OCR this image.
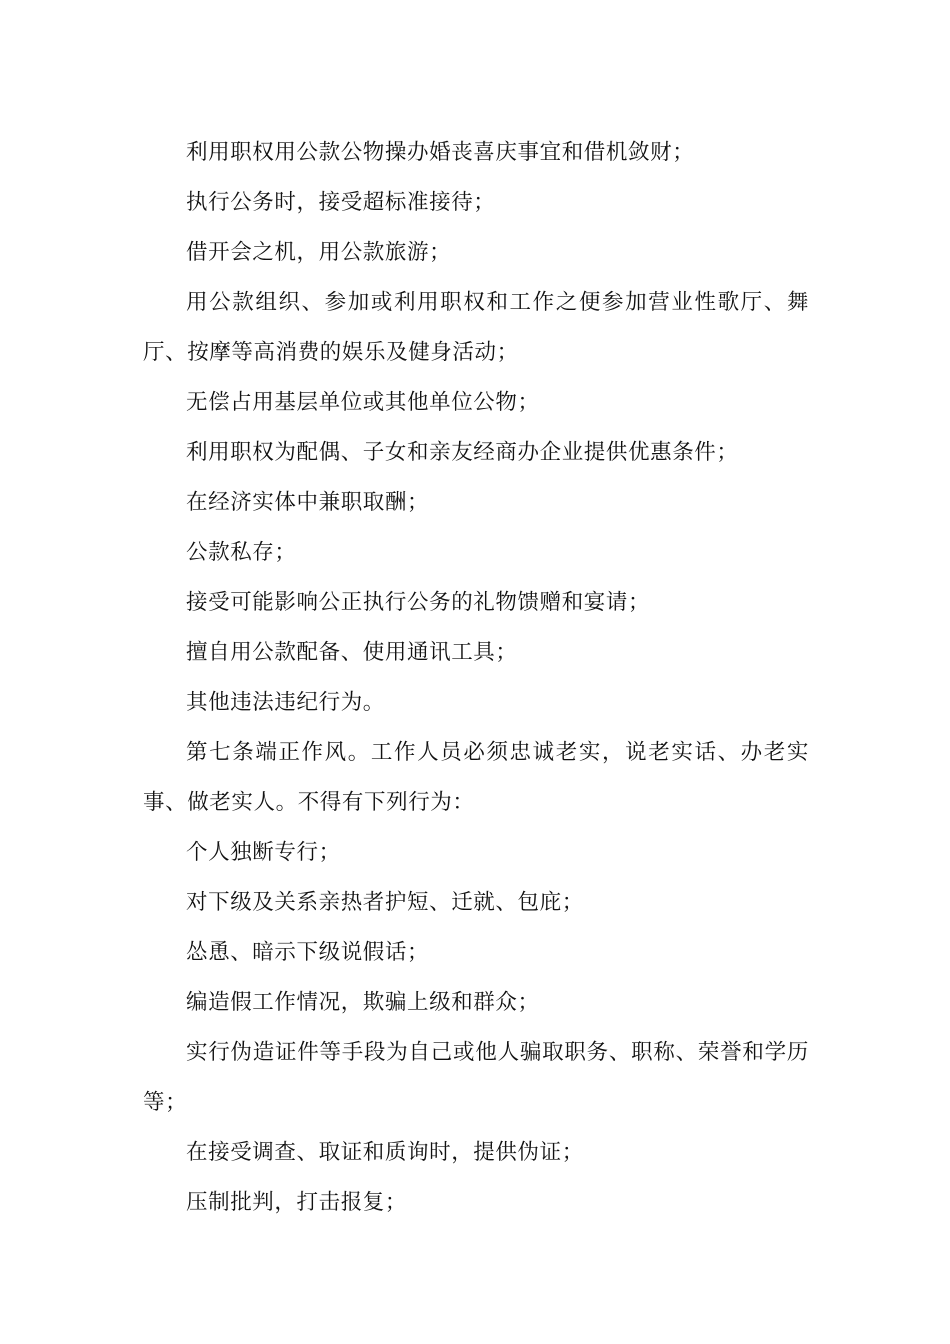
利用职权用公款公物操办婚丧喜庆事宜和借机敛财；

执行公务时，接受超标准接待；

借开会之机，用公款旅游；

用公款组织、参加或利用职权和工作之便参加营业性歌厅、舞厅、按摩等高消费的娱乐及健身活动；

无偿占用基层单位或其他单位公物；

利用职权为配偶、子女和亲友经商办企业提供优惠条件；

在经济实体中兼职取酬；

公款私存；

接受可能影响公正执行公务的礼物馈赠和宴请；

擅自用公款配备、使用通讯工具；

其他违法违纪行为。

第七条端正作风。工作人员必须忠诚老实，说老实话、办老实事、做老实人。不得有下列行为：

个人独断专行；

对下级及关系亲热者护短、迁就、包庇；

怂恿、暗示下级说假话；

编造假工作情况，欺骗上级和群众；

实行伪造证件等手段为自己或他人骗取职务、职称、荣誉和学历等；

在接受调查、取证和质询时，提供伪证；

压制批判，打击报复；
